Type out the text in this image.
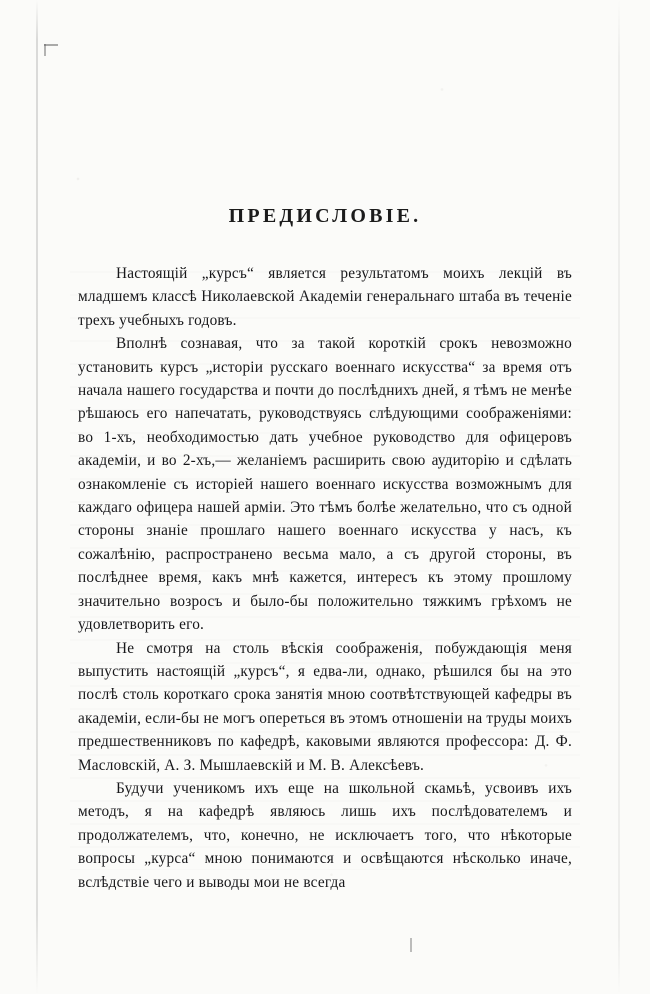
ПРЕДИСЛОВІЕ.

Настоящій „курсъ“ является результатомъ моихъ лекцій въ младшемъ классѣ Николаевской Академіи генеральнаго штаба въ теченіе трехъ учебныхъ годовъ.

Вполнѣ сознавая, что за такой короткій срокъ невозможно установить курсъ „исторіи русскаго военнаго искусства“ за время отъ начала нашего государства и почти до послѣднихъ дней, я тѣмъ не менѣе рѣшаюсь его напечатать, руководствуясь слѣдующими соображеніями: во 1-хъ, необходимостью дать учебное руководство для офицеровъ академіи, и во 2-хъ,— желаніемъ расширить свою аудиторію и сдѣлать ознакомленіе съ исторіей нашего военнаго искусства возможнымъ для каждаго офицера нашей арміи. Это тѣмъ болѣе желательно, что съ одной стороны знаніе прошлаго нашего военнаго искусства у насъ, къ сожалѣнію, распространено весьма мало, а съ другой стороны, въ послѣднее время, какъ мнѣ кажется, интересъ къ этому прошлому значительно возросъ и было-бы положительно тяжкимъ грѣхомъ не удовлетворить его.

Не смотря на столь вѣскія соображенія, побуждающія меня выпустить настоящій „курсъ“, я едва-ли, однако, рѣшился бы на это послѣ столь короткаго срока занятія мною соотвѣтствующей кафедры въ академіи, если-бы не могъ опереться въ этомъ отношеніи на труды моихъ предшественниковъ по кафедрѣ, каковыми являются профессора: Д. Ф. Масловскій, А. З. Мышлаевскій и М. В. Алексѣевъ.

Будучи ученикомъ ихъ еще на школьной скамьѣ, усвоивъ ихъ методъ, я на кафедрѣ являюсь лишь ихъ послѣдователемъ и продолжателемъ, что, конечно, не исключаетъ того, что нѣкоторые вопросы „курса“ мною понимаются и освѣщаются нѣсколько иначе, вслѣдствіе чего и выводы мои не всегда
